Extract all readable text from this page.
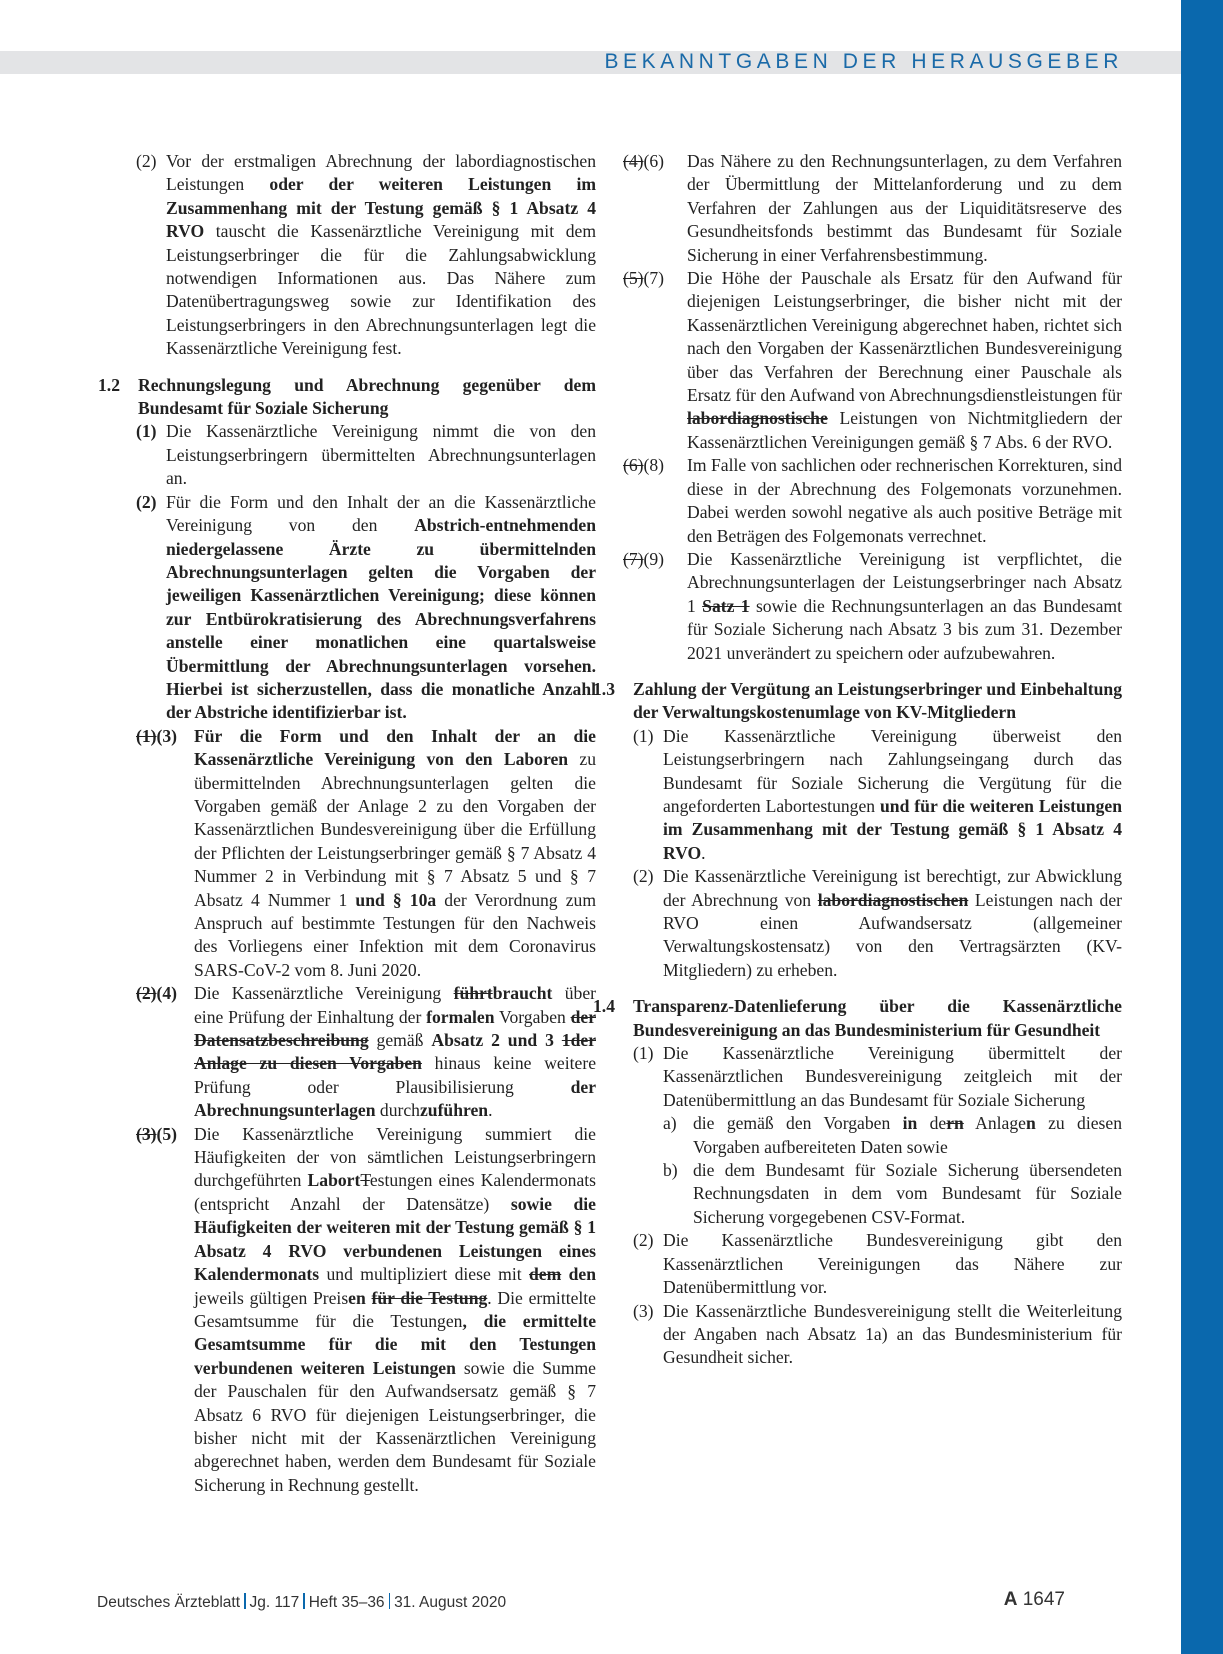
BEKANNTGABEN DER HERAUSGEBER
(2) Vor der erstmaligen Abrechnung der labordiagnostischen Leistungen oder der weiteren Leistungen im Zusammenhang mit der Testung gemäß § 1 Absatz 4 RVO tauscht die Kassenärztliche Vereinigung mit dem Leistungserbringer die für die Zahlungsabwicklung notwendigen Informationen aus. Das Nähere zum Datenübertragungsweg sowie zur Identifikation des Leistungserbringers in den Abrechnungsunterlagen legt die Kassenärztliche Vereinigung fest.
1.2	Rechnungslegung und Abrechnung gegenüber dem Bundesamt für Soziale Sicherung
(1) Die Kassenärztliche Vereinigung nimmt die von den Leistungserbringern übermittelten Abrechnungsunterlagen an.
(2) Für die Form und den Inhalt der an die Kassenärztliche Vereinigung von den Abstrich-entnehmenden niedergelassene Ärzte zu übermittelnden Abrechnungsunterlagen gelten die Vorgaben der jeweiligen Kassenärztlichen Vereinigung; diese können zur Entbürokratisierung des Abrechnungsverfahrens anstelle einer monatlichen eine quartalsweise Übermittlung der Abrechnungsunterlagen vorsehen. Hierbei ist sicherzustellen, dass die monatliche Anzahl der Abstriche identifizierbar ist.
(1)(3) Für die Form und den Inhalt der an die Kassenärztliche Vereinigung von den Laboren zu übermittelnden Abrechnungsunterlagen gelten die Vorgaben gemäß der Anlage 2 zu den Vorgaben der Kassenärztlichen Bundesvereinigung über die Erfüllung der Pflichten der Leistungserbringer gemäß § 7 Absatz 4 Nummer 2 in Verbindung mit § 7 Absatz 5 und § 7 Absatz 4 Nummer 1 und § 10a der Verordnung zum Anspruch auf bestimmte Testungen für den Nachweis des Vorliegens einer Infektion mit dem Coronavirus SARS-CoV-2 vom 8. Juni 2020.
(2)(4) Die Kassenärztliche Vereinigung führtbraucht über eine Prüfung der Einhaltung der formalen Vorgaben der Datensatzbeschreibung gemäß Absatz 2 und 3 1der Anlage zu diesen Vorgaben hinaus keine weitere Prüfung oder Plausibilisierung der Abrechnungsunterlagen durchzuführen.
(3)(5) Die Kassenärztliche Vereinigung summiert die Häufigkeiten der von sämtlichen Leistungserbringern durchgeführten LabortTestungen eines Kalendermonats (entspricht Anzahl der Datensätze) sowie die Häufigkeiten der weiteren mit der Testung gemäß § 1 Absatz 4 RVO verbundenen Leistungen eines Kalendermonats und multipliziert diese mit dem den jeweils gültigen Preisen für die Testung. Die ermittelte Gesamtsumme für die Testungen, die ermittelte Gesamtsumme für die mit den Testungen verbundenen weiteren Leistungen sowie die Summe der Pauschalen für den Aufwandsersatz gemäß § 7 Absatz 6 RVO für diejenigen Leistungserbringer, die bisher nicht mit der Kassenärztlichen Vereinigung abgerechnet haben, werden dem Bundesamt für Soziale Sicherung in Rechnung gestellt.
(4)(6)	Das Nähere zu den Rechnungsunterlagen, zu dem Verfahren der Übermittlung der Mittelanforderung und zu dem Verfahren der Zahlungen aus der Liquiditätsreserve des Gesundheitsfonds bestimmt das Bundesamt für Soziale Sicherung in einer Verfahrensbestimmung.
(5)(7)	Die Höhe der Pauschale als Ersatz für den Aufwand für diejenigen Leistungserbringer, die bisher nicht mit der Kassenärztlichen Vereinigung abgerechnet haben, richtet sich nach den Vorgaben der Kassenärztlichen Bundesvereinigung über das Verfahren der Berechnung einer Pauschale als Ersatz für den Aufwand von Abrechnungsdienstleistungen für labordiagnostische Leistungen von Nichtmitgliedern der Kassenärztlichen Vereinigungen gemäß § 7 Abs. 6 der RVO.
(6)(8)	Im Falle von sachlichen oder rechnerischen Korrekturen, sind diese in der Abrechnung des Folgemonats vorzunehmen. Dabei werden sowohl negative als auch positive Beträge mit den Beträgen des Folgemonats verrechnet.
(7)(9)	Die Kassenärztliche Vereinigung ist verpflichtet, die Abrechnungsunterlagen der Leistungserbringer nach Absatz 1 Satz 1 sowie die Rechnungsunterlagen an das Bundesamt für Soziale Sicherung nach Absatz 3 bis zum 31. Dezember 2021 unverändert zu speichern oder aufzubewahren.
1.3	Zahlung der Vergütung an Leistungserbringer und Einbehaltung der Verwaltungskostenumlage von KV-Mitgliedern
(1) Die Kassenärztliche Vereinigung überweist den Leistungserbringern nach Zahlungseingang durch das Bundesamt für Soziale Sicherung die Vergütung für die angeforderten Labortestungen und für die weiteren Leistungen im Zusammenhang mit der Testung gemäß § 1 Absatz 4 RVO.
(2) Die Kassenärztliche Vereinigung ist berechtigt, zur Abwicklung der Abrechnung von labordiagnostischen Leistungen nach der RVO einen Aufwandsersatz (allgemeiner Verwaltungskostensatz) von den Vertragsärzten (KV-Mitgliedern) zu erheben.
1.4	Transparenz-Datenlieferung über die Kassenärztliche Bundesvereinigung an das Bundesministerium für Gesundheit
(1) Die Kassenärztliche Vereinigung übermittelt der Kassenärztlichen Bundesvereinigung zeitgleich mit der Datenübermittlung an das Bundesamt für Soziale Sicherung
a) die gemäß den Vorgaben in dern Anlagen zu diesen Vorgaben aufbereiteten Daten sowie
b) die dem Bundesamt für Soziale Sicherung übersendeten Rechnungsdaten in dem vom Bundesamt für Soziale Sicherung vorgegebenen CSV-Format.
(2) Die Kassenärztliche Bundesvereinigung gibt den Kassenärztlichen Vereinigungen das Nähere zur Datenübermittlung vor.
(3) Die Kassenärztliche Bundesvereinigung stellt die Weiterleitung der Angaben nach Absatz 1a) an das Bundesministerium für Gesundheit sicher.
Deutsches Ärzteblatt Jg. 117 Heft 35–36 31. August 2020	A 1647
